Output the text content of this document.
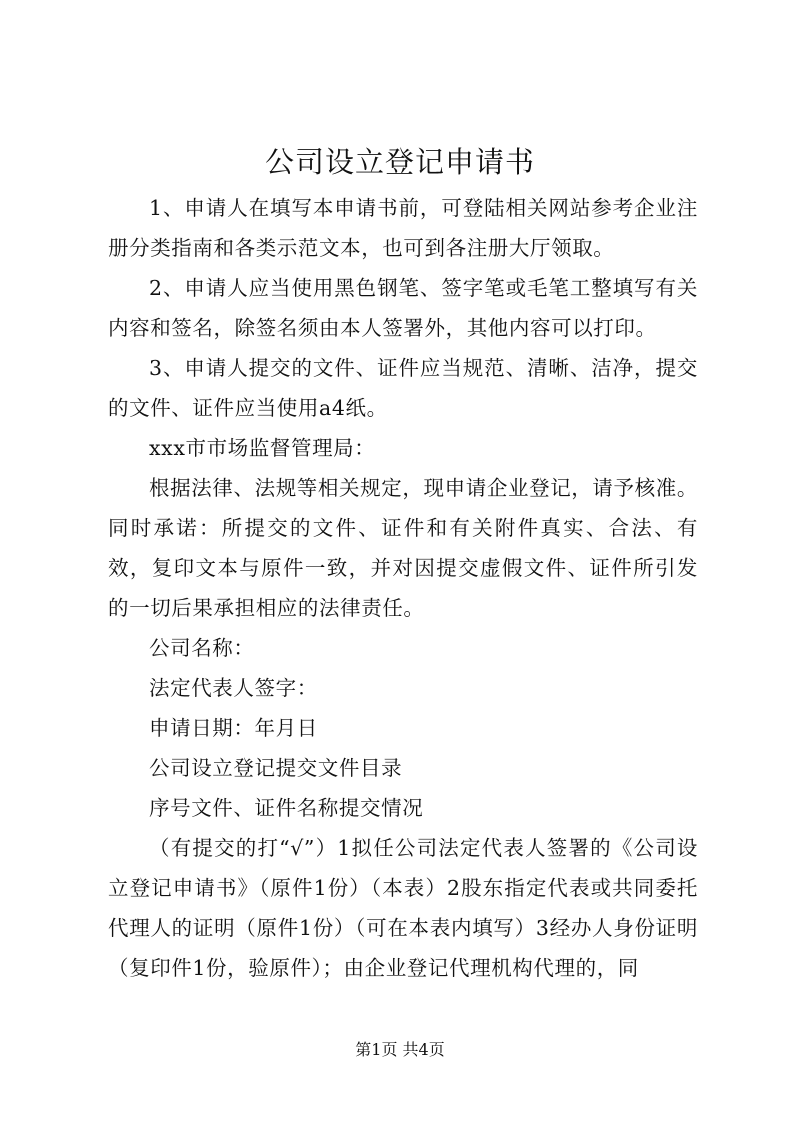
公司设立登记申请书

1、申请人在填写本申请书前，可登陆相关网站参考企业注册分类指南和各类示范文本，也可到各注册大厅领取。

2、申请人应当使用黑色钢笔、签字笔或毛笔工整填写有关内容和签名，除签名须由本人签署外，其他内容可以打印。

3、申请人提交的文件、证件应当规范、清晰、洁净，提交的文件、证件应当使用a4纸。

xxx市市场监督管理局：

根据法律、法规等相关规定，现申请企业登记，请予核准。同时承诺：所提交的文件、证件和有关附件真实、合法、有效，复印文本与原件一致，并对因提交虚假文件、证件所引发的一切后果承担相应的法律责任。

公司名称：

法定代表人签字：

申请日期：年月日

公司设立登记提交文件目录

序号文件、证件名称提交情况

（有提交的打“√”）1拟任公司法定代表人签署的《公司设立登记申请书》（原件1份）（本表）2股东指定代表或共同委托代理人的证明（原件1份）（可在本表内填写）3经办人身份证明（复印件1份，验原件）；由企业登记代理机构代理的，同

第1页 共4页
